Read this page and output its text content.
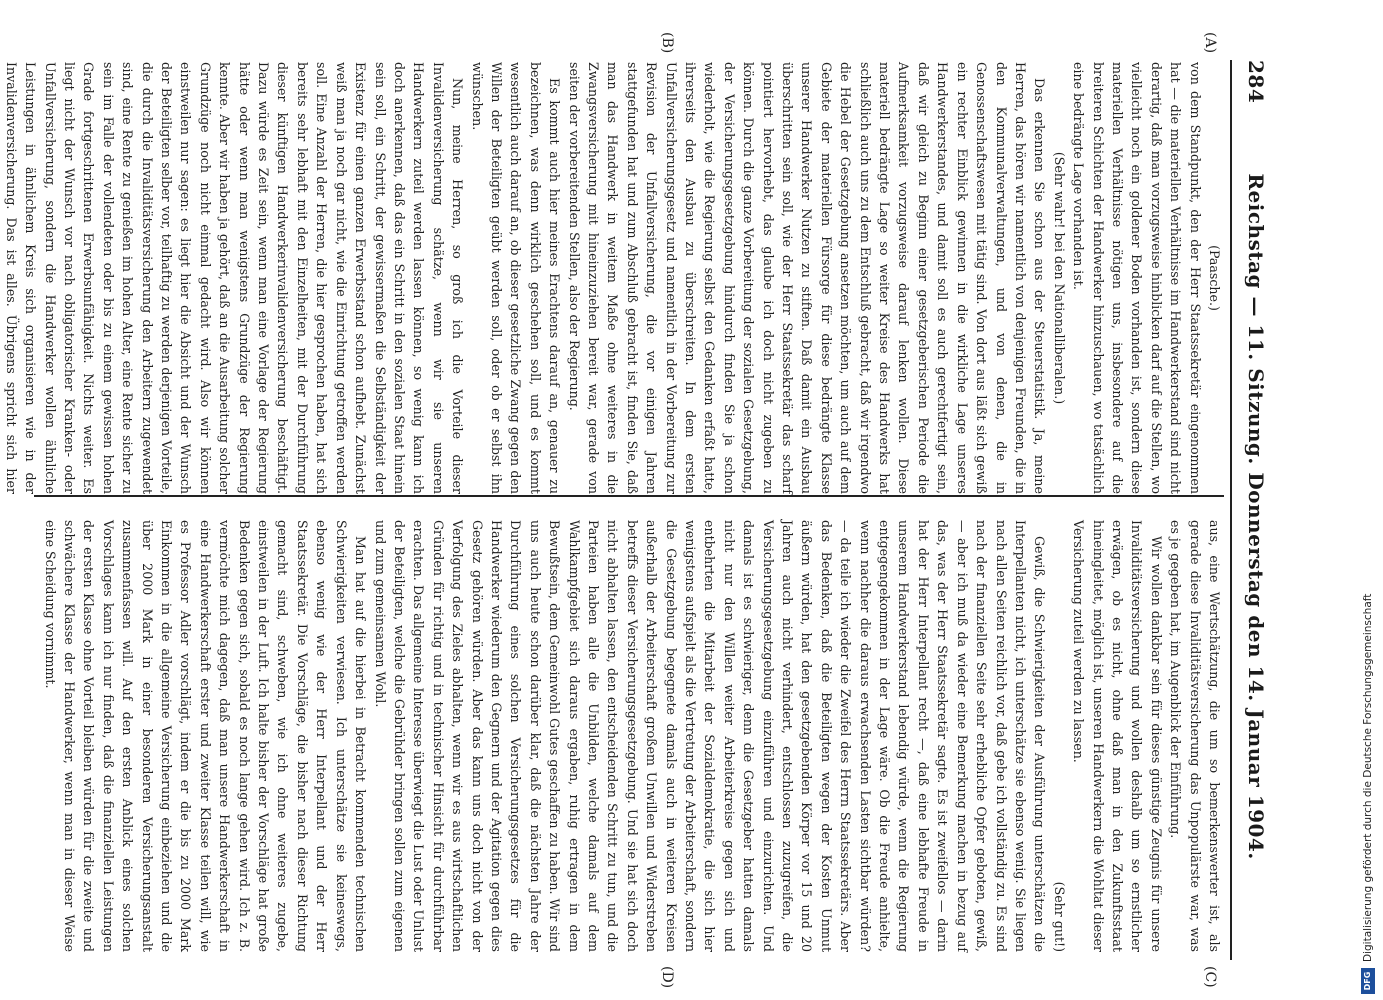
284
Reichstag — 11. Sitzung. Donnerstag den 14. Januar 1904.
(A)
(B)
(C)
(D)

(Paasche.)

von dem Standpunkt, den der Herr Staatssekretär eingenommen hat — die materiellen Verhältnisse im Handwerkerstand sind nicht derartig, daß man vorzugsweise hinblicken darf auf die Stellen, wo vielleicht noch ein goldener Boden vorhanden ist, sondern diese materiellen Verhältnisse nötigen uns, insbesondere auf die breiteren Schichten der Handwerker hinzuschauen, wo tatsächlich eine bedrängte Lage vorhanden ist.

(Sehr wahr! bei den Nationalliberalen.)

Das erkennen Sie schon aus der Steuerstatistik. Ja, meine Herren, das hören wir namentlich von denjenigen Freunden, die in den Kommunalverwaltungen, und von denen, die in Genossenschaftswesen mit tätig sind. Von dort aus läßt sich gewiß ein rechter Einblick gewinnen in die wirkliche Lage unseres Handwerkerstandes, und damit soll es auch gerechtfertigt sein, daß wir gleich zu Beginn einer gesetzgeberischen Periode die Aufmerksamkeit vorzugsweise darauf lenken wollen. Diese materiell bedrängte Lage so weiter Kreise des Handwerks hat schließlich auch uns zu dem Entschluß gebracht, daß wir irgendwo die Hebel der Gesetzgebung ansetzen möchten, um auch auf dem Gebiete der materiellen Fürsorge für diese bedrängte Klasse unserer Handwerker Nutzen zu stiften. Daß damit ein Ausbau überschritten sein soll, wie der Herr Staatssekretär das scharf pointiert hervorhebt, das glaube ich doch nicht zugeben zu können. Durch die ganze Vorbereitung der sozialen Gesetzgebung, der Versicherungsgesetzgebung hindurch finden Sie ja schon wiederholt, wie die Regierung selbst den Gedanken erfaßt hatte, ihrerseits den Ausbau zu überschreiten. In dem ersten Unfallversicherungsgesetz und namentlich in der Vorbereitung zur Revision der Unfallversicherung, die vor einigen Jahren stattgefunden hat und zum Abschluß gebracht ist, finden Sie, daß man das Handwerk in weitem Maße ohne weiteres in die Zwangsversicherung mit hineinzuziehen bereit war, gerade von seiten der vorbereitenden Stellen, also der Regierung.

Es kommt auch hier meines Erachtens darauf an, genauer zu bezeichnen, was denn wirklich geschehen soll, und es kommt wesentlich auch darauf an, ob dieser gesetzliche Zwang gegen den Willen der Beteiligten geübt werden soll, oder ob er selbst ihn wünschen.

Nun, meine Herren, so groß ich die Vorteile dieser Invalidenversicherung schätze, wenn wir sie unseren Handwerkern zuteil werden lassen können, so wenig kann ich doch anerkennen, daß das ein Schritt in den sozialen Staat hinein sein soll, ein Schritt, der gewissermaßen die Selbständigkeit der Existenz für einen ganzen Erwerbsstand schon aufhebt. Zunächst weiß man ja noch gar nicht, wie die Einrichtung getroffen werden soll. Eine Anzahl der Herren, die hier gesprochen haben, hat sich bereits sehr lebhaft mit den Einzelheiten, mit der Durchführung dieser künftigen Handwerkerinvalidenversicherung beschäftigt. Dazu würde es Zeit sein, wenn man eine Vorlage der Regierung hätte oder wenn man wenigstens Grundzüge der Regierung kennte. Aber wir haben ja gehört, daß an die Ausarbeitung solcher Grundzüge noch nicht einmal gedacht wird. Also wir können einstweilen nur sagen: es liegt hier die Absicht und der Wunsch der Beteiligten selber vor, teilhaftig zu werden derjenigen Vorteile, die durch die Invaliditätsversicherung den Arbeitern zugewendet sind, eine Rente zu genießen im hohen Alter, eine Rente sicher zu sein im Falle der vollendeten oder bis zu einem gewissen hohen Grade fortgeschrittenen Erwerbsunfähigkeit. Nichts weiter. Es liegt nicht der Wunsch vor nach obligatorischer Kranken- oder Unfallversicherung, sondern die Handwerker wollen ähnliche Leistungen in ähnlichem Kreis sich organisieren wie in der Invalidenversicherung. Das ist alles. Übrigens spricht sich hier

aus, eine Wertschätzung, die um so bemerkenswerter ist, als gerade diese Invaliditätsversicherung das Unpopulärste war, was es je gegeben hat, im Augenblick der Einführung.

Wir wollen dankbar sein für dieses günstige Zeugnis für unsere Invaliditätsversicherung und wollen deshalb um so ernstlicher erwägen, ob es nicht, ohne daß man in den Zukunftsstaat hineingleitet, möglich ist, unseren Handwerkern die Wohltat dieser Versicherung zuteil werden zu lassen.

(Sehr gut!)

Gewiß, die Schwierigkeiten der Ausführung unterschätzen die Interpellanten nicht, ich unterschätze sie ebenso wenig. Sie liegen nach allen Seiten reichlich vor, daß gebe ich vollständig zu. Es sind nach der finanziellen Seite sehr erhebliche Opfer geboten, gewiß, — aber ich muß da wieder eine Bemerkung machen in bezug auf das, was der Herr Staatssekretär sagte. Es ist zweifellos — darin hat der Herr Interpellant recht —, daß eine lebhafte Freude in unserem Handwerkerstand lebendig würde, wenn die Regierung entgegengekommen in der Lage wäre. Ob die Freude anhielte, wenn nachher die daraus erwachsenden Lasten sichtbar würden? — da teile ich wieder die Zweifel des Herrn Staatssekretärs. Aber das Bedenken, daß die Beteiligten wegen der Kosten Unmut äußern würden, hat den gesetzgebenden Körper vor 15 und 20 Jahren auch nicht verhindert, entschlossen zuzugreifen, die Versicherungsgesetzgebung einzuführen und einzurichten. Und damals ist es schwieriger, denn die Gesetzgeber hatten damals nicht nur den Willen weiter Arbeiterkreise gegen sich und entbehrten die Mitarbeit der Sozialdemokratie, die sich hier wenigstens aufspielt als die Vertretung der Arbeiterschaft, sondern die Gesetzgebung begegnete damals auch in weiteren Kreisen außerhalb der Arbeiterschaft großem Unwillen und Widerstreben betreffs dieser Versicherungsgesetzgebung. Und sie hat sich doch nicht abhalten lassen, den entscheidenden Schritt zu tun, und die Parteien haben alle die Unbilden, welche damals auf dem Wahlkampfgebiet sich daraus ergaben, ruhig ertragen in dem Bewußtsein, dem Gemeinwohl Gutes geschaffen zu haben. Wir sind uns auch heute schon darüber klar, daß die nächsten Jahre der Durchführung eines solchen Versicherungsgesetzes für die Handwerker wiederum den Gegnern und der Agitation gegen dies Gesetz gehören würden. Aber das kann uns doch nicht von der Verfolgung des Zieles abhalten, wenn wir es aus wirtschaftlichen Gründen für richtig und in technischer Hinsicht für durchführbar erachten. Das allgemeine Interesse überwiegt die Lust oder Unlust der Beteiligten, welche die Gebrühder bringen sollen zum eigenen und zum gemeinsamen Wohl.

Man hat auf die hierbei in Betracht kommenden technischen Schwierigkeiten verwiesen. Ich unterschätze sie keineswegs, ebenso wenig wie der Herr Interpellant und der Herr Staatssekretär. Die Vorschläge, die bisher nach dieser Richtung gemacht sind, schweben, wie ich ohne weiteres zugebe, einstweilen in der Luft. Ich halte bisher der Vorschläge hat große Bedenken gegen sich, sobald es noch lange gehen wird. Ich z. B. vermöchte mich dagegen, daß man unsere Handwerkerschaft in eine Handwerkerschaft erster und zweiter Klasse teilen will, wie es Professor Adler vorschlägt, indem er die bis zu 2000 Mark Einkommen in die allgemeine Versicherung einbeziehen und die über 2000 Mark in einer besonderen Versicherungsanstalt zusammenfassen will. Auf den ersten Anblick eines solchen Vorschlages kann ich nur finden, daß die finanziellen Leistungen der ersten Klasse ohne Vorteil bleiben würden für die zweite und schwächere Klasse der Handwerker, wenn man in dieser Weise eine Scheidung vornimmt.

DFG
Digitalisierung gefördert durch die Deutsche Forschungsgemeinschaft
